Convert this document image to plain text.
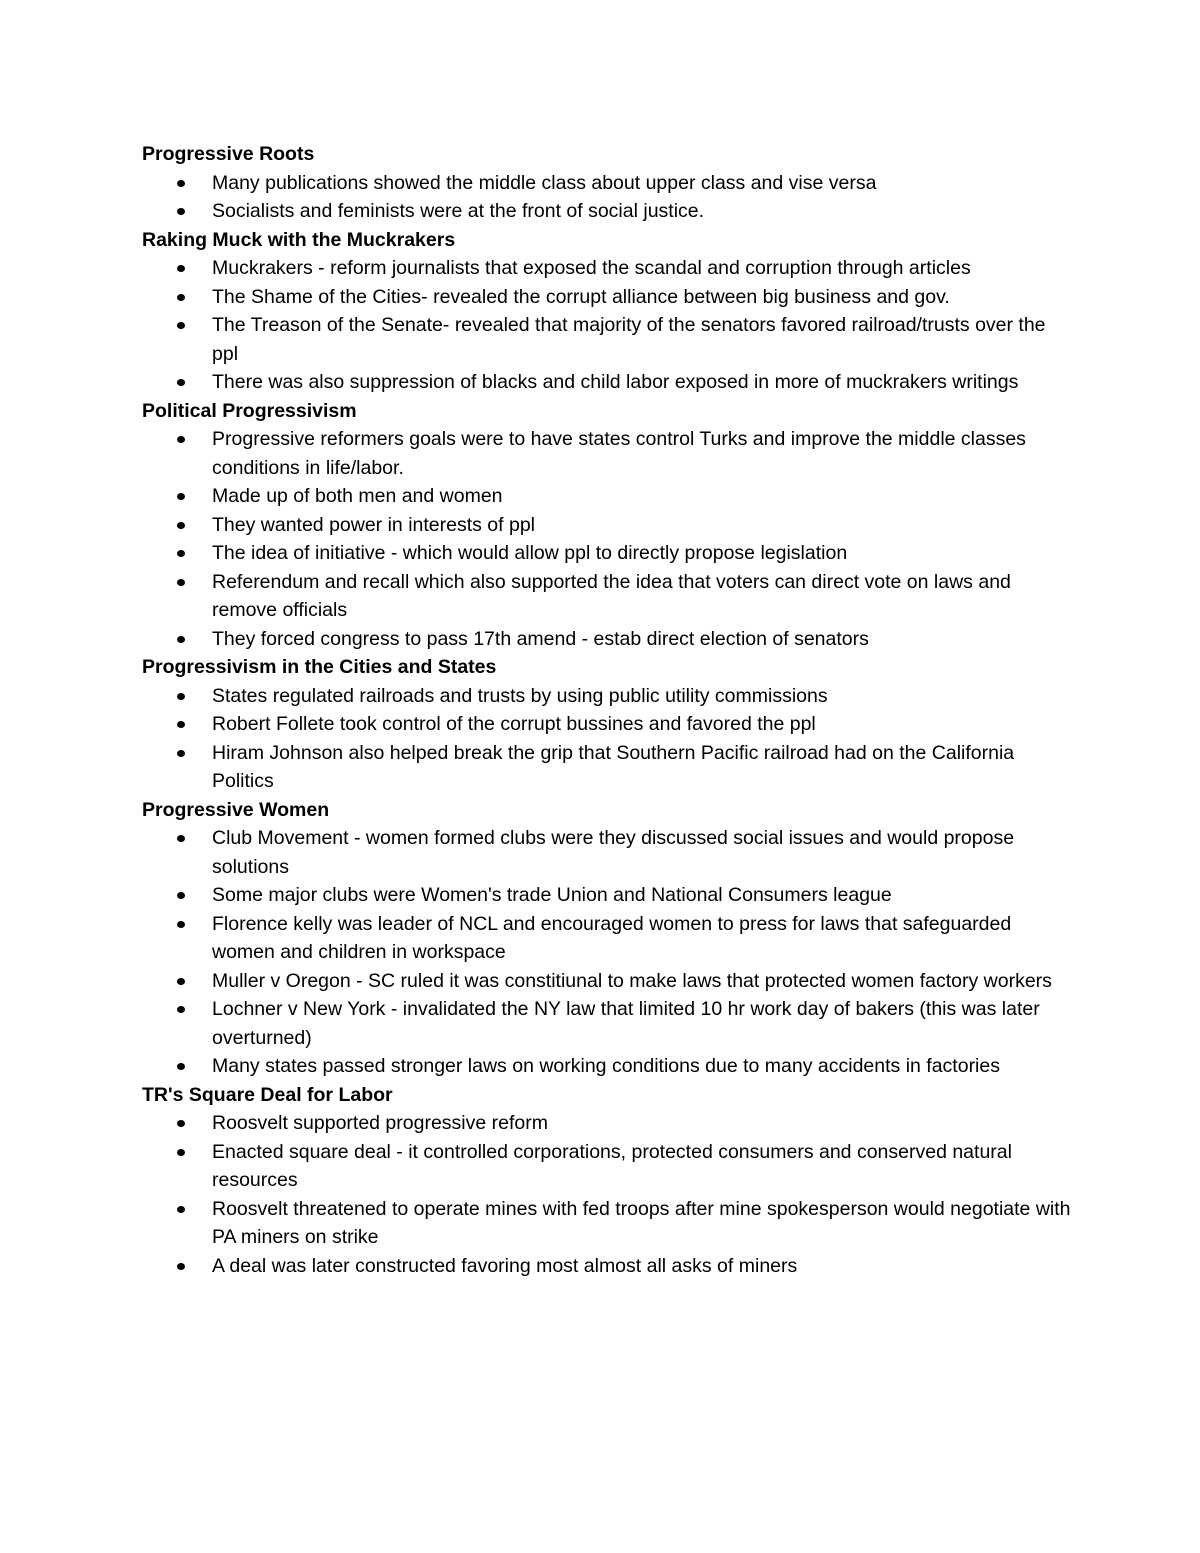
Progressive Roots
Many publications showed the middle class about upper class and vise versa
Socialists and feminists were at the front of social justice.
Raking Muck with the Muckrakers
Muckrakers - reform journalists that exposed the scandal and corruption through articles
The Shame of the Cities- revealed the corrupt alliance between big business and gov.
The Treason of the Senate- revealed that majority of the senators favored railroad/trusts over the ppl
There was also suppression of blacks and child labor exposed in more of muckrakers writings
Political Progressivism
Progressive reformers goals were to have states control Turks and improve the middle classes conditions in life/labor.
Made up of both men and women
They wanted power in interests of ppl
The idea of initiative - which would allow ppl to directly propose legislation
Referendum and recall which also supported the idea that voters can direct vote on laws and remove officials
They forced congress to pass 17th amend - estab direct election of senators
Progressivism in the Cities and States
States regulated railroads and trusts by using public utility commissions
Robert Follete took control of the corrupt bussines and favored the ppl
Hiram Johnson also helped break the grip that Southern Pacific railroad had on the California Politics
Progressive Women
Club Movement - women formed clubs were they discussed social issues and would propose solutions
Some major clubs were Women's trade Union and National Consumers league
Florence kelly was leader of NCL and encouraged women to press for laws that safeguarded women and children in workspace
Muller v Oregon - SC ruled it was constitiunal to make laws that protected women factory workers
Lochner v New York - invalidated the NY law that limited 10 hr work day of bakers (this was later overturned)
Many states passed stronger laws on working conditions due to many accidents in factories
TR's Square Deal for Labor
Roosvelt supported progressive reform
Enacted square deal - it controlled corporations, protected consumers and conserved natural resources
Roosvelt threatened to operate mines with fed troops after mine spokesperson would negotiate with PA miners on strike
A deal was later constructed favoring most almost all asks of miners
